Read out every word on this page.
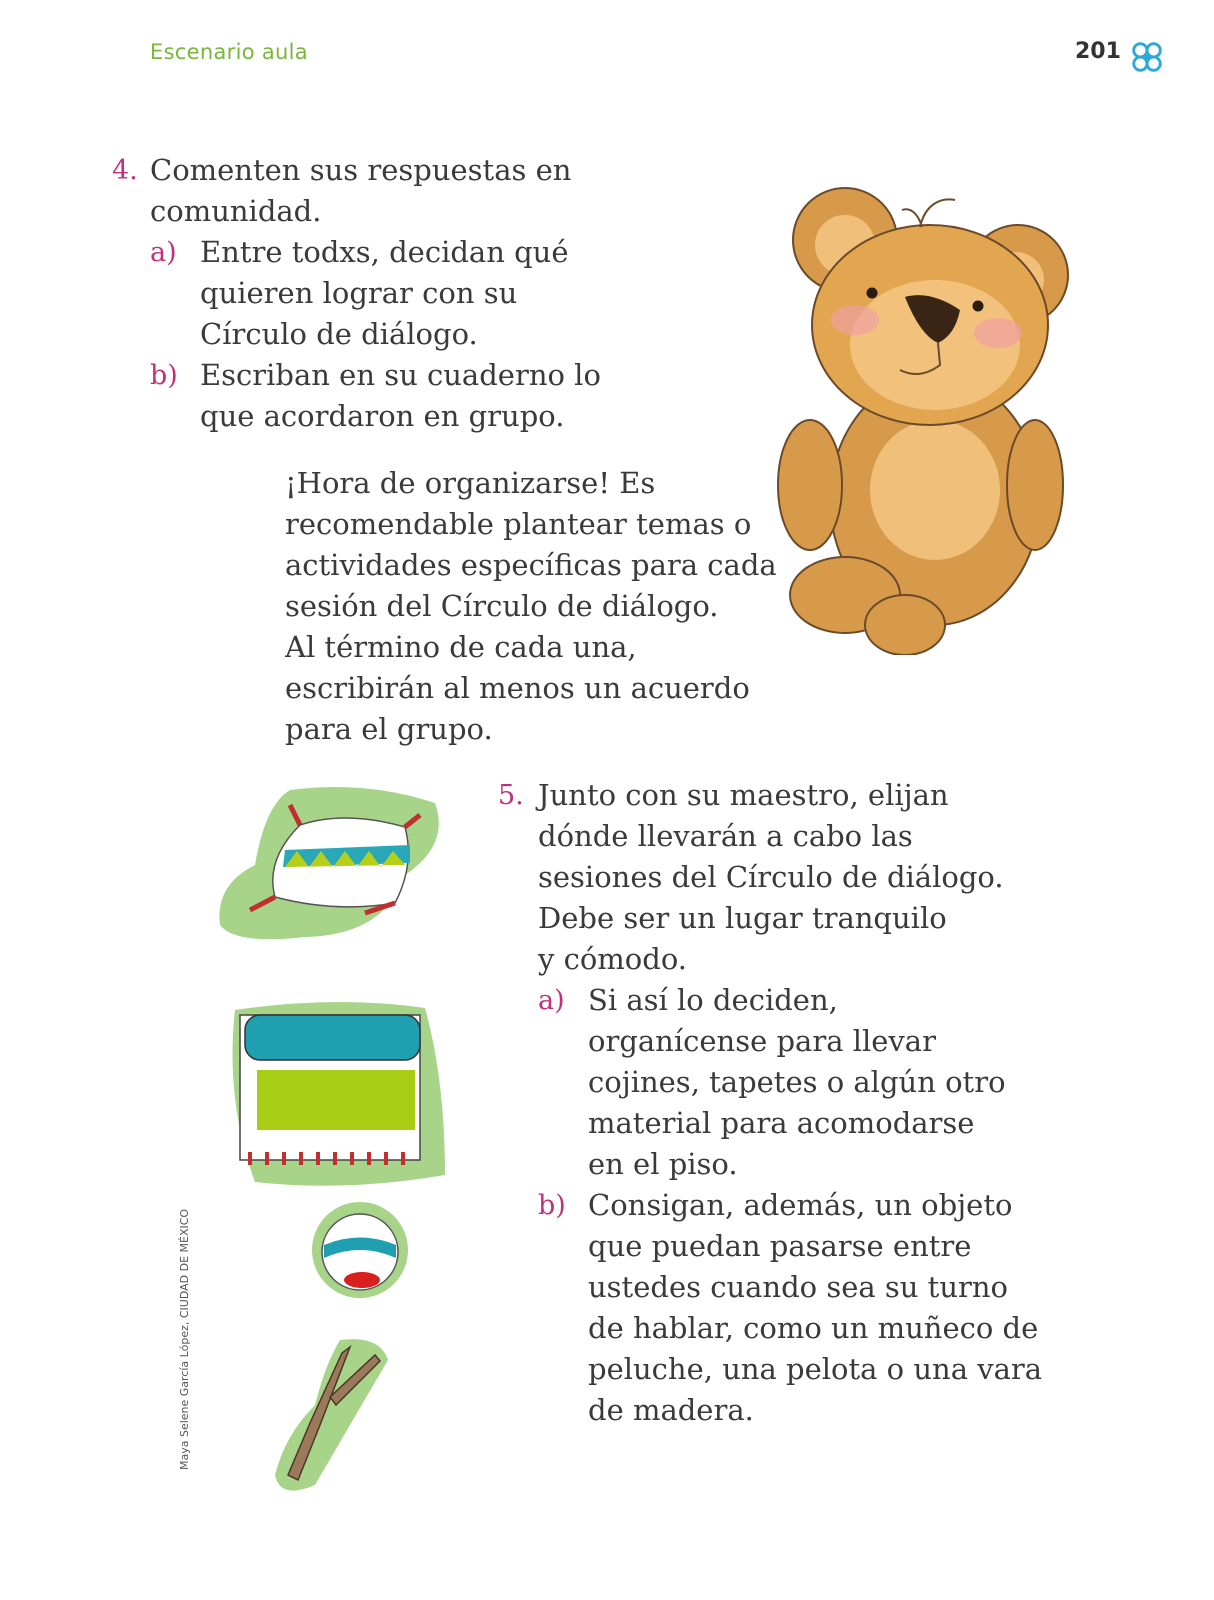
Escenario aula	201
4. Comenten sus respuestas en

comunidad.

a) Entre todxs, decidan qué

quieren lograr con su

Círculo de diálogo.

b) Escriban en su cuaderno lo

que acordaron en grupo.

¡Hora de organizarse! Es

recomendable plantear temas o

actividades específicas para cada

sesión del Círculo de diálogo.

Al término de cada una,

escribirán al menos un acuerdo

para el grupo.

5. Junto con su maestro, elijan

dónde llevarán a cabo las

sesiones del Círculo de diálogo.

Debe ser un lugar tranquilo

y cómodo.

a) Si así lo deciden,

organícense para llevar

cojines, tapetes o algún otro

material para acomodarse

en el piso.

b) Consigan, además, un objeto

que puedan pasarse entre

ustedes cuando sea su turno

de hablar, como un muñeco de

peluche, una pelota o una vara

de madera.

Maya Selene García López, CIUDAD DE MÉXICO
